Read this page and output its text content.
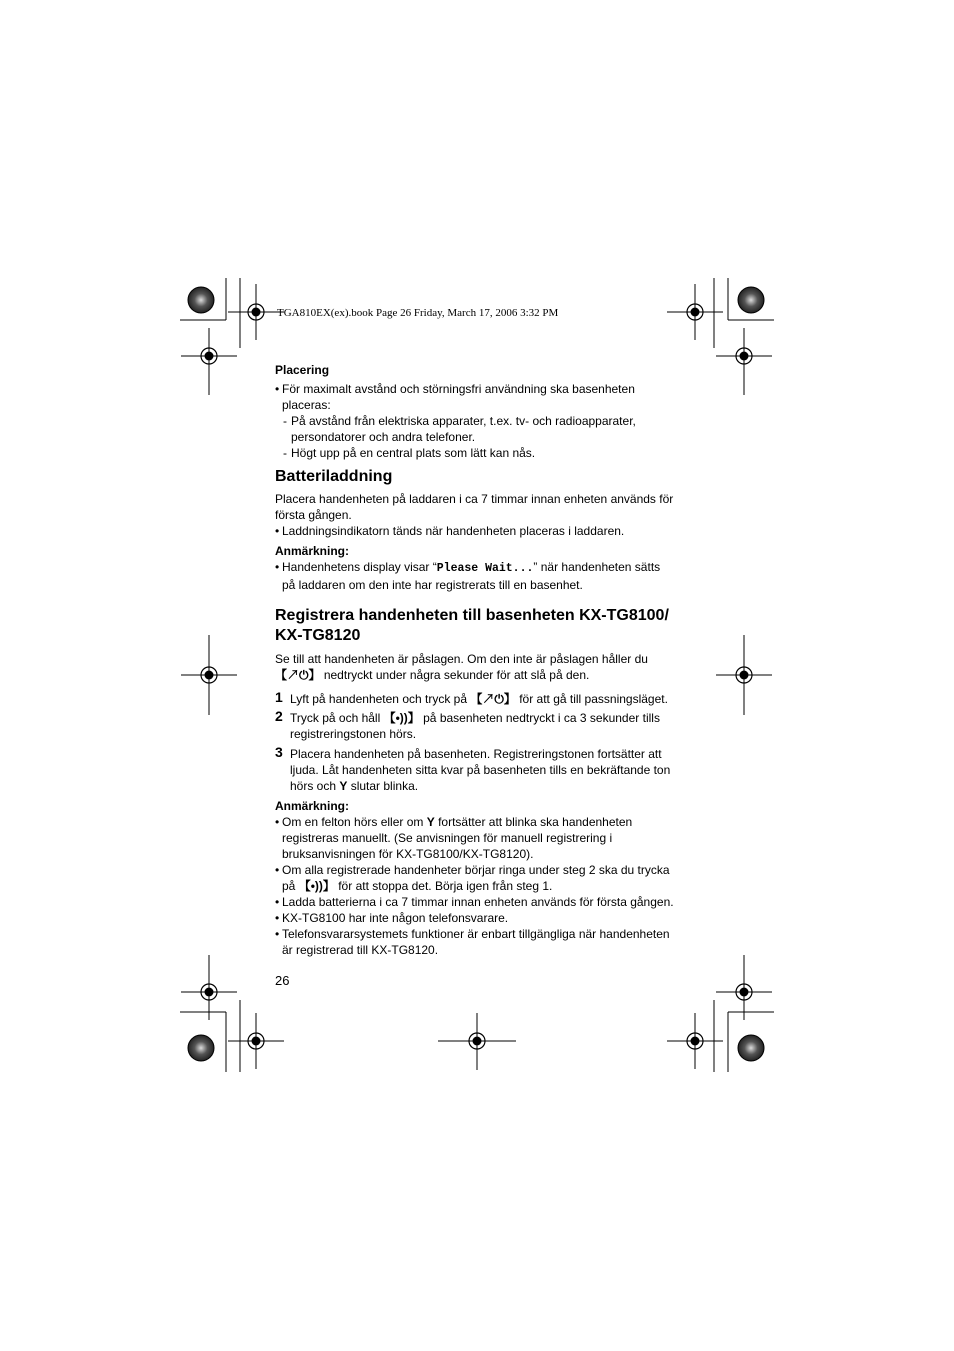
TGA810EX(ex).book Page 26 Friday, March 17, 2006 3:32 PM

Placering

• För maximalt avstånd och störningsfri användning ska basenheten
placeras:

- På avstånd från elektriska apparater, t.ex. tv- och radioapparater,
persondatorer och andra telefoner.

- Högt upp på en central plats som lätt kan nås.

Batteriladdning

Placera handenheten på laddaren i ca 7 timmar innan enheten används för
första gången.

• Laddningsindikatorn tänds när handenheten placeras i laddaren.

Anmärkning:

• Handenhetens display visar “Please Wait...” när handenheten sätts
på laddaren om den inte har registrerats till en basenhet.

Registrera handenheten till basenheten KX-TG8100/
KX-TG8120

Se till att handenheten är påslagen. Om den inte är påslagen håller du
【↗⏻】 nedtryckt under några sekunder för att slå på den.

1 Lyft på handenheten och tryck på 【↗⏻】 för att gå till passningsläget.
2 Tryck på och håll 【•))】 på basenheten nedtryckt i ca 3 sekunder tills
registreringstonen hörs.
3 Placera handenheten på basenheten. Registreringstonen fortsätter att
ljuda. Låt handenheten sitta kvar på basenheten tills en bekräftande ton
hörs och Y slutar blinka.

Anmärkning:

• Om en felton hörs eller om Y fortsätter att blinka ska handenheten
registreras manuellt. (Se anvisningen för manuell registrering i
bruksanvisningen för KX-TG8100/KX-TG8120).

• Om alla registrerade handenheter börjar ringa under steg 2 ska du trycka
på 【•))】 för att stoppa det. Börja igen från steg 1.

• Ladda batterierna i ca 7 timmar innan enheten används för första gången.

• KX-TG8100 har inte någon telefonsvarare.

• Telefonsvararsystemets funktioner är enbart tillgängliga när handenheten
är registrerad till KX-TG8120.

26
